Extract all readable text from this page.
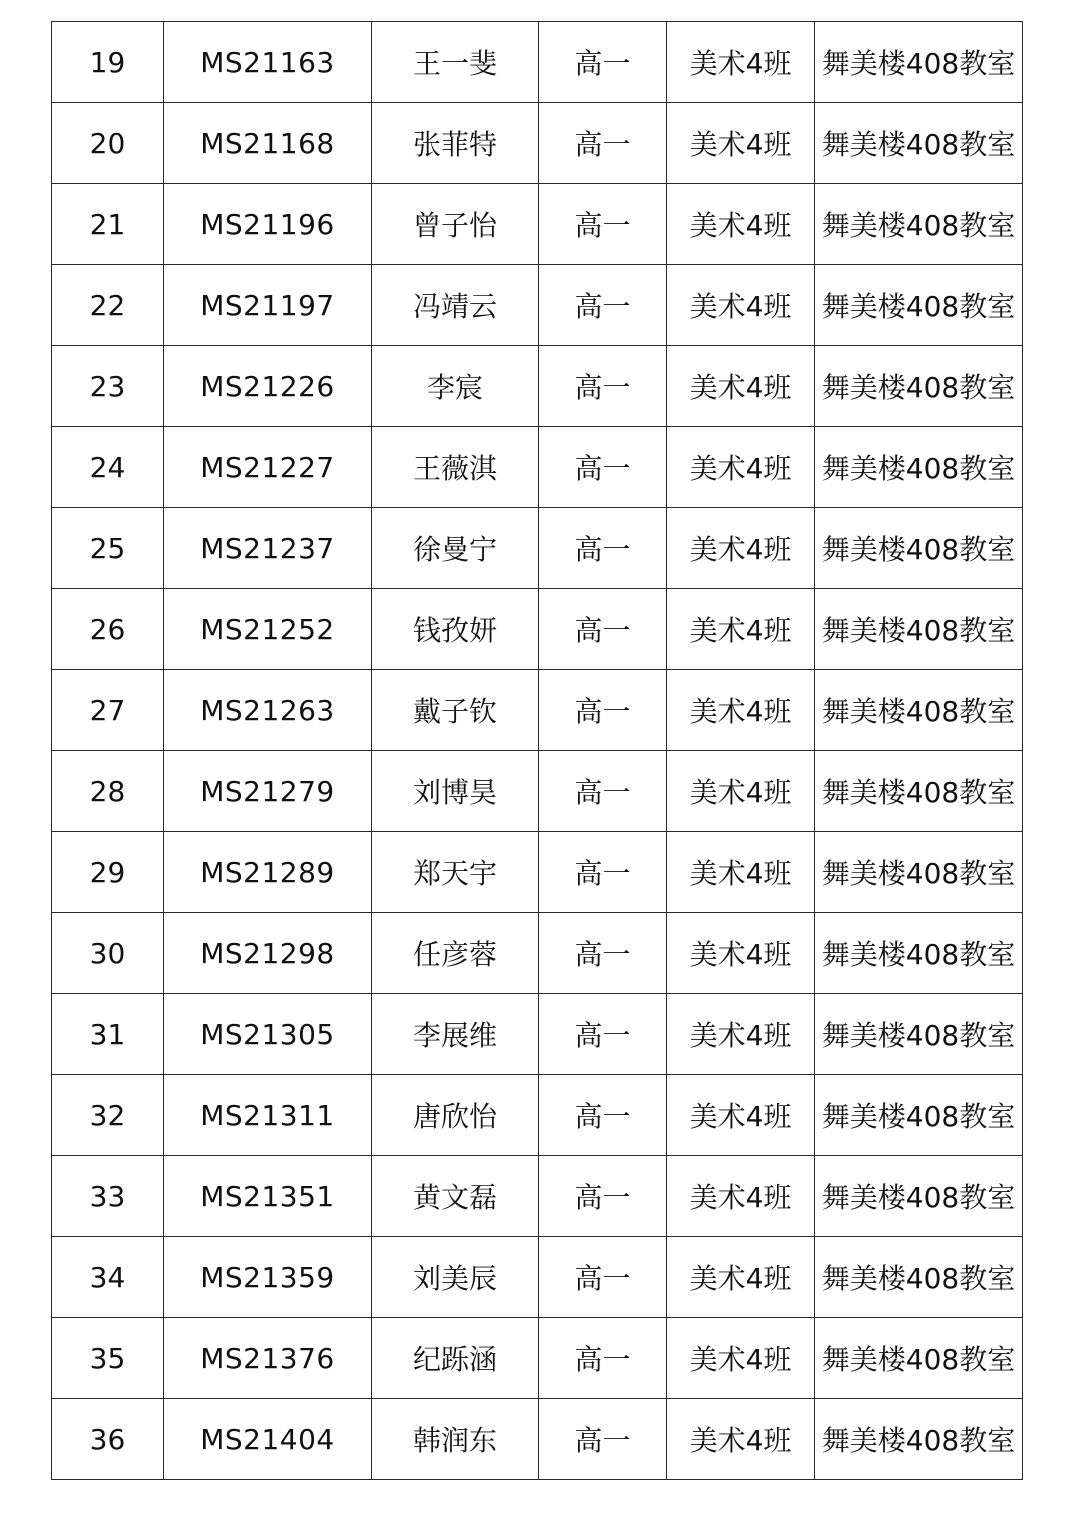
19	MS21163	王一斐	高一	美术4班	舞美楼408教室
20	MS21168	张菲特	高一	美术4班	舞美楼408教室
21	MS21196	曾子怡	高一	美术4班	舞美楼408教室
22	MS21197	冯靖云	高一	美术4班	舞美楼408教室
23	MS21226	李宸	高一	美术4班	舞美楼408教室
24	MS21227	王薇淇	高一	美术4班	舞美楼408教室
25	MS21237	徐曼宁	高一	美术4班	舞美楼408教室
26	MS21252	钱孜妍	高一	美术4班	舞美楼408教室
27	MS21263	戴子钦	高一	美术4班	舞美楼408教室
28	MS21279	刘博昊	高一	美术4班	舞美楼408教室
29	MS21289	郑天宇	高一	美术4班	舞美楼408教室
30	MS21298	任彦蓉	高一	美术4班	舞美楼408教室
31	MS21305	李展维	高一	美术4班	舞美楼408教室
32	MS21311	唐欣怡	高一	美术4班	舞美楼408教室
33	MS21351	黄文磊	高一	美术4班	舞美楼408教室
34	MS21359	刘美辰	高一	美术4班	舞美楼408教室
35	MS21376	纪跞涵	高一	美术4班	舞美楼408教室
36	MS21404	韩润东	高一	美术4班	舞美楼408教室
